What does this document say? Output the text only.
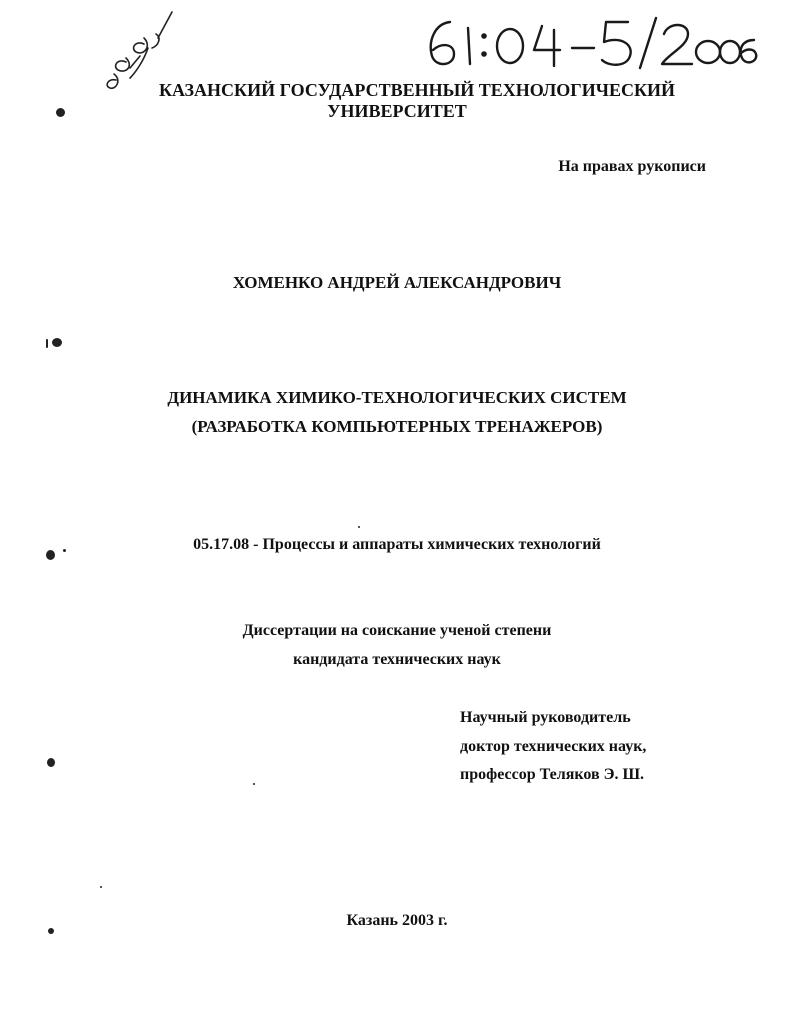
КАЗАНСКИЙ ГОСУДАРСТВЕННЫЙ ТЕХНОЛОГИЧЕСКИЙ
УНИВЕРСИТЕТ
На правах рукописи
ХОМЕНКО АНДРЕЙ АЛЕКСАНДРОВИЧ
ДИНАМИКА ХИМИКО-ТЕХНОЛОГИЧЕСКИХ СИСТЕМ
(РАЗРАБОТКА КОМПЬЮТЕРНЫХ ТРЕНАЖЕРОВ)
05.17.08 - Процессы и аппараты химических технологий
Диссертации на соискание ученой степени
кандидата технических наук
Научный руководитель
доктор технических наук,
профессор Теляков Э. Ш.
Казань 2003 г.
